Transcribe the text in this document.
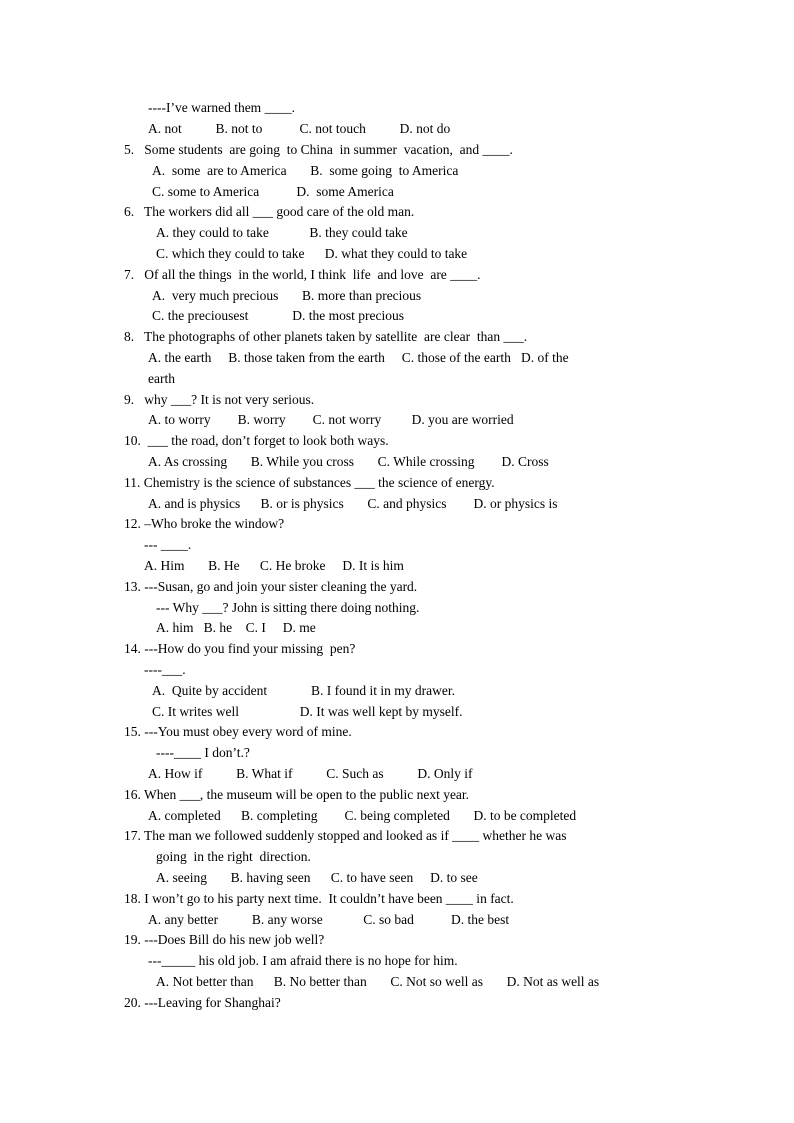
----I’ve warned them ____.
A. not          B. not to           C. not touch          D. not do
5.   Some students  are going  to China  in summer  vacation,  and ____.
A.  some  are to America       B.  some going  to America
C. some to America           D.  some America
6.   The workers did all ___ good care of the old man.
A. they could to take            B. they could take
C. which they could to take      D. what they could to take
7.   Of all the things  in the world, I think  life  and love  are ____.
A.  very much precious       B. more than precious
C. the preciousest             D. the most precious
8.   The photographs of other planets taken by satellite  are clear  than ___.
A. the earth     B. those taken from the earth     C. those of the earth   D. of the
earth
9.   why ___? It is not very serious.
A. to worry        B. worry        C. not worry         D. you are worried
10.  ___ the road, don’t forget to look both ways.
A. As crossing       B. While you cross       C. While crossing        D. Cross
11. Chemistry is the science of substances ___ the science of energy.
A. and is physics      B. or is physics       C. and physics        D. or physics is
12. –Who broke the window?
--- ____.
A. Him       B. He      C. He broke     D. It is him
13. ---Susan, go and join your sister cleaning the yard.
--- Why ___? John is sitting there doing nothing.
A. him   B. he    C. I     D. me
14. ---How do you find your missing  pen?
----___.
A.  Quite by accident             B. I found it in my drawer.
C. It writes well                  D. It was well kept by myself.
15. ---You must obey every word of mine.
----____ I don’t.?
A. How if          B. What if          C. Such as          D. Only if
16. When ___, the museum will be open to the public next year.
A. completed      B. completing        C. being completed       D. to be completed
17. The man we followed suddenly stopped and looked as if ____ whether he was
going  in the right  direction.
A. seeing       B. having seen      C. to have seen     D. to see
18. I won’t go to his party next time.  It couldn’t have been ____ in fact.
A. any better          B. any worse            C. so bad           D. the best
19. ---Does Bill do his new job well?
---_____ his old job. I am afraid there is no hope for him.
A. Not better than      B. No better than       C. Not so well as       D. Not as well as
20. ---Leaving for Shanghai?
